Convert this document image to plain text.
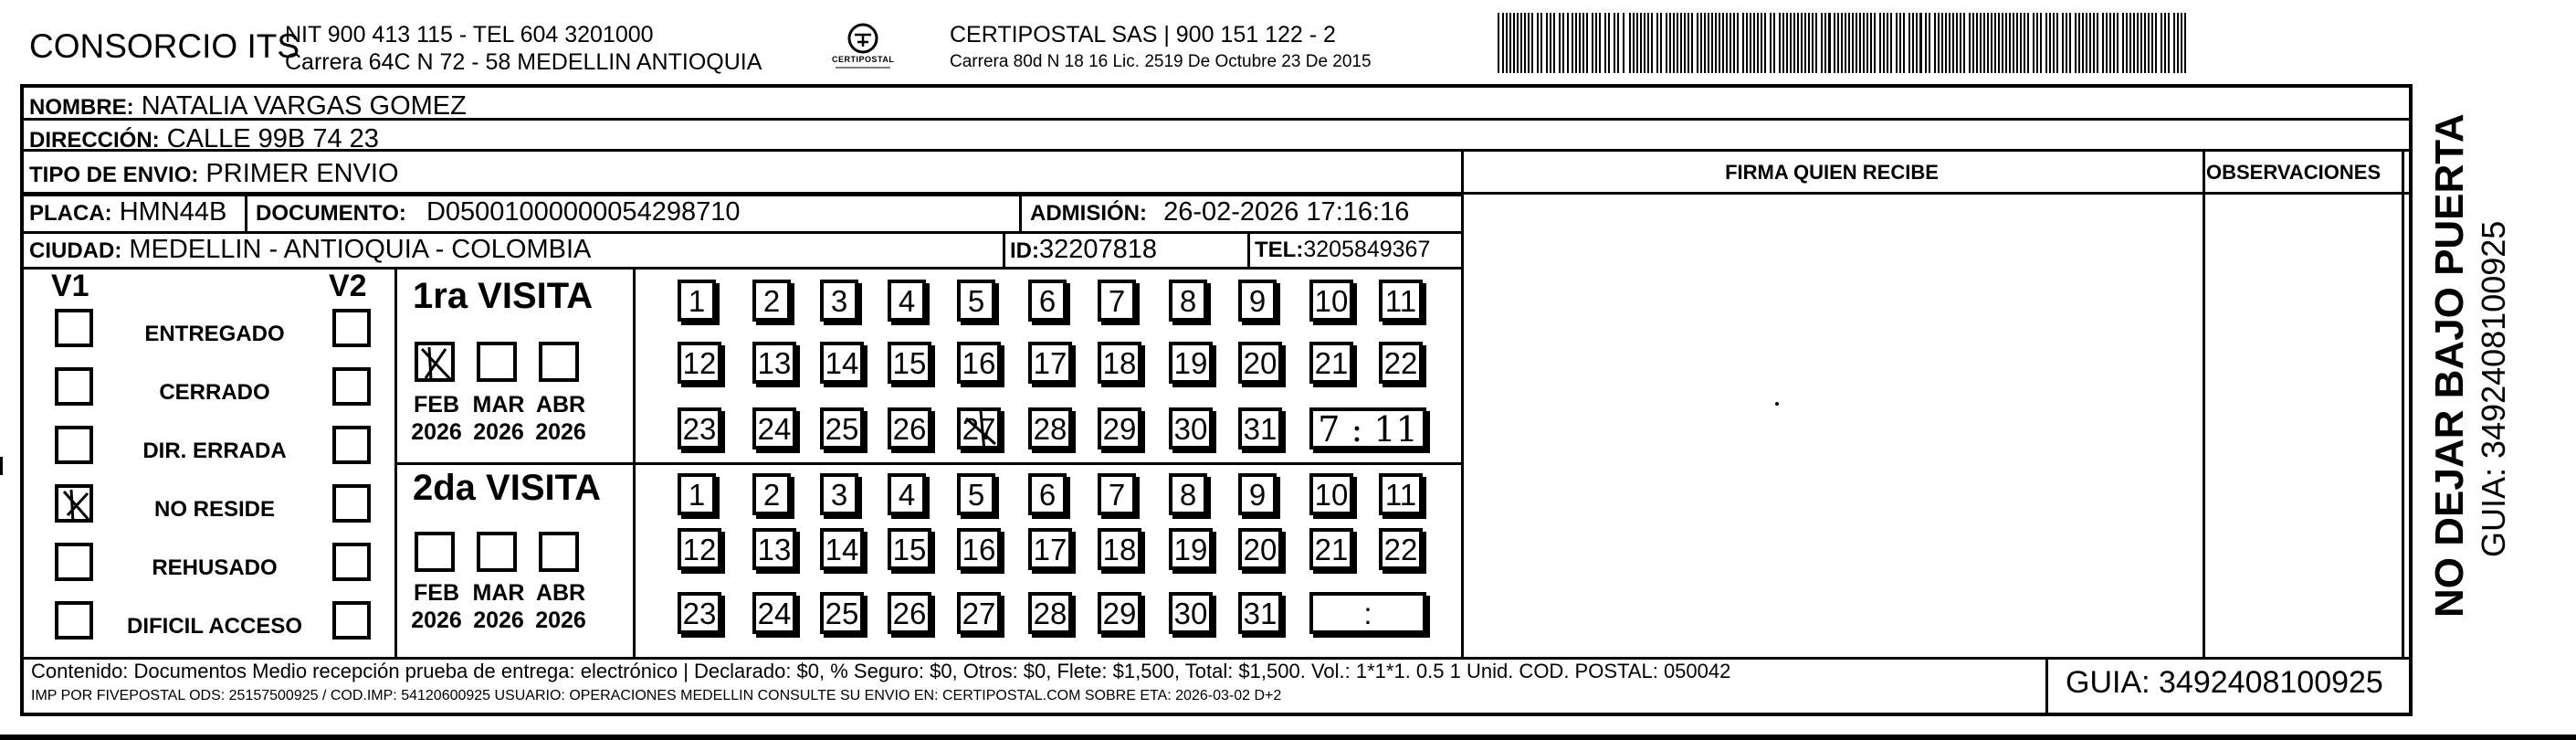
CONSORCIO ITS
NIT 900 413 115 - TEL 604 3201000
Carrera 64C N 72 - 58 MEDELLIN ANTIOQUIA	CERTIPOSTAL
CERTIPOSTAL SAS | 900 151 122 - 2
Carrera 80d N 18 16 Lic. 2519 De Octubre 23 De 2015
NOMBRE: NATALIA VARGAS GOMEZ
DIRECCIÓN: CALLE 99B 74 23
TIPO DE ENVIO: PRIMER ENVIO
PLACA: HMN44B DOCUMENTO: D05001000000054298710	ADMISIÓN: 26-02-2026 17:16:16
CIUDAD: MEDELLIN - ANTIOQUIA - COLOMBIA	ID:32207818	TEL:3205849367
FIRMA QUIEN RECIBE	OBSERVACIONES
V1	V2
ENTREGADO
CERRADO
DIR. ERRADA
NO RESIDE
REHUSADO
DIFICIL ACCESO
1ra VISITA
2da VISITA
FEB
2026
MAR
2026
ABR
2026
FEB
2026
MAR
2026
ABR
2026
1	2	3	4	5	6	7	8	9	10 11
12 13 14 15 16 17 18 19 20 21 22
23 24 25 26 27 28 29 30 31 7 : 11
1	2	3	4	5	6	7	8	9	10 11
12 13 14 15 16 17 18 19 20 21 22
23 24 25 26 27 28 29 30 31	:
Contenido: Documentos Medio recepción prueba de entrega: electrónico | Declarado: $0, % Seguro: $0, Otros: $0, Flete: $1,500, Total: $1,500. Vol.: 1*1*1. 0.5 1 Unid. COD. POSTAL: 050042
IMP POR FIVEPOSTAL ODS: 25157500925 / COD.IMP: 54120600925 USUARIO: OPERACIONES MEDELLIN CONSULTE SU ENVIO EN: CERTIPOSTAL.COM SOBRE ETA: 2026-03-02 D+2	GUIA: 3492408100925
NO DEJAR BAJO PUERTA GUIA: 3492408100925
